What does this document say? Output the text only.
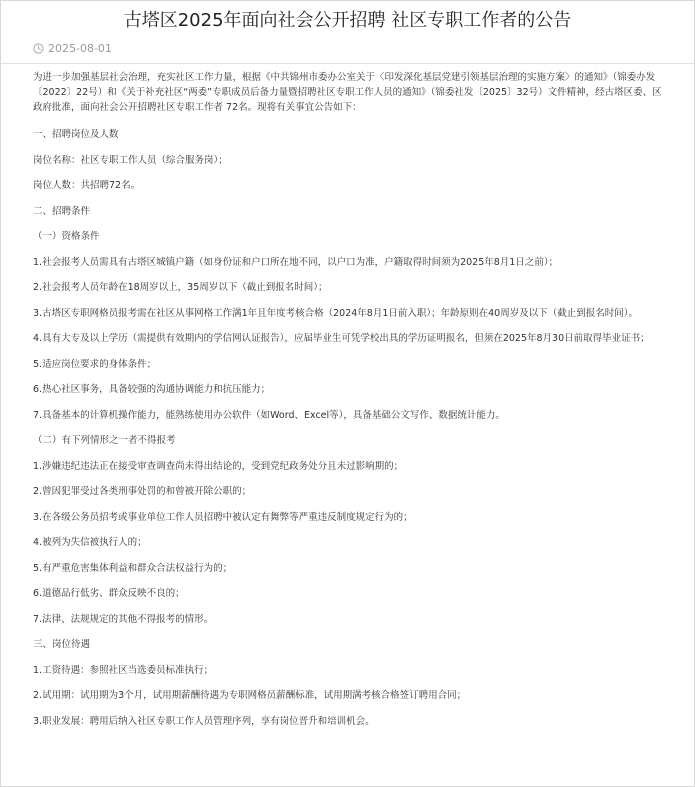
古塔区2025年面向社会公开招聘 社区专职工作者的公告
2025-08-01

为进一步加强基层社会治理，充实社区工作力量，根据《中共锦州市委办公室关于〈印发深化基层党建引领基层治理的实施方案〉的通知》（锦委办发〔2022〕22号）和《关于补充社区“两委”专职成员后备力量暨招聘社区专职工作人员的通知》（锦委社发〔2025〕32号）文件精神，经古塔区委、区政府批准，面向社会公开招聘社区专职工作者 72名。现将有关事宜公告如下：

一、招聘岗位及人数

岗位名称：社区专职工作人员（综合服务岗）；

岗位人数：共招聘72名。

二、招聘条件

（一）资格条件

1.社会报考人员需具有古塔区城镇户籍（如身份证和户口所在地不同，以户口为准，户籍取得时间须为2025年8月1日之前）；

2.社会报考人员年龄在18周岁以上，35周岁以下（截止到报名时间）；

3.古塔区专职网格员报考需在社区从事网格工作满1年且年度考核合格（2024年8月1日前入职）；年龄原则在40周岁及以下（截止到报名时间）。

4.具有大专及以上学历（需提供有效期内的学信网认证报告），应届毕业生可凭学校出具的学历证明报名，但须在2025年8月30日前取得毕业证书；

5.适应岗位要求的身体条件；

6.热心社区事务，具备较强的沟通协调能力和抗压能力；

7.具备基本的计算机操作能力，能熟练使用办公软件（如Word、Excel等），具备基础公文写作、数据统计能力。

（二）有下列情形之一者不得报考

1.涉嫌违纪违法正在接受审查调查尚未得出结论的，受到党纪政务处分且未过影响期的；

2.曾因犯罪受过各类刑事处罚的和曾被开除公职的；

3.在各级公务员招考或事业单位工作人员招聘中被认定有舞弊等严重违反制度规定行为的；

4.被列为失信被执行人的；

5.有严重危害集体利益和群众合法权益行为的；

6.道德品行低劣、群众反映不良的；

7.法律、法规规定的其他不得报考的情形。

三、岗位待遇

1.工资待遇：参照社区当选委员标准执行；

2.试用期：试用期为3个月，试用期薪酬待遇为专职网格员薪酬标准，试用期满考核合格签订聘用合同；

3.职业发展：聘用后纳入社区专职工作人员管理序列，享有岗位晋升和培训机会。
